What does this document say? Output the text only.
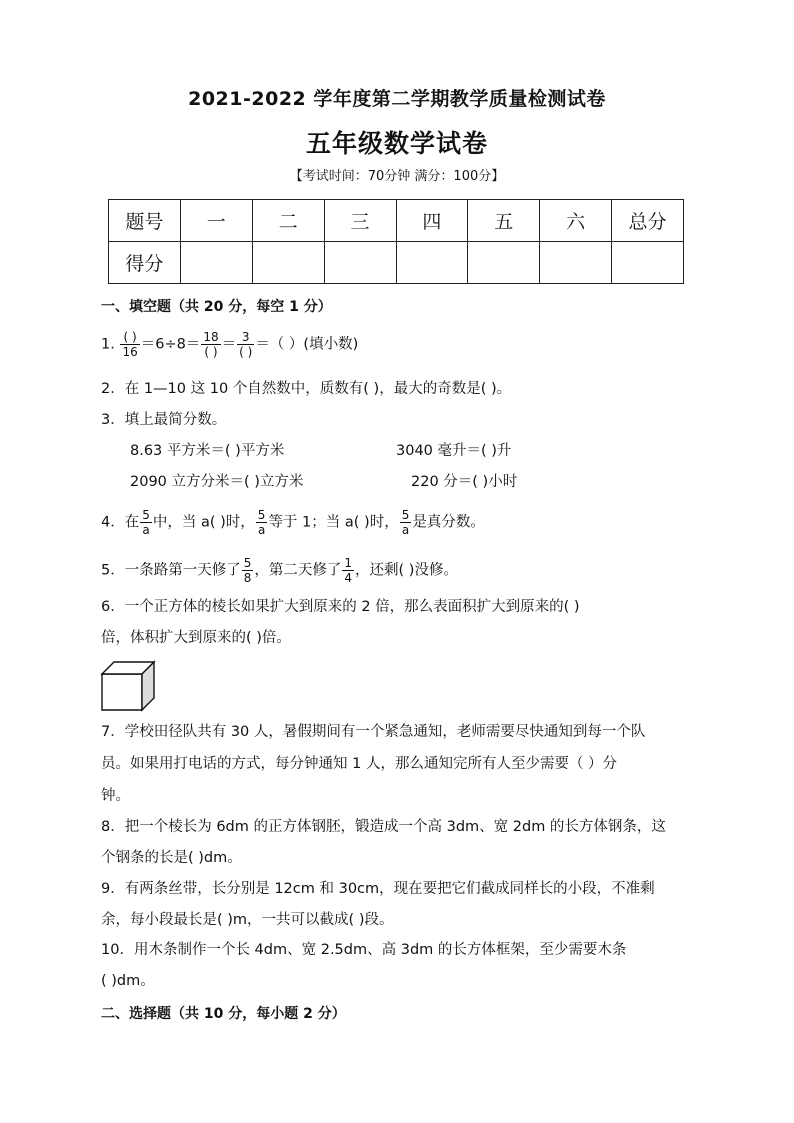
2021-2022 学年度第二学期教学质量检测试卷
五年级数学试卷
【考试时间：70分钟 满分：100分】
题号	一	二	三	四	五	六	总分
得分							
一、填空题（共 20 分，每空 1 分）
1. $\frac{( )}{16} =6\div 8= \frac{18}{( )} = \frac{3}{( )}$ ＝（ ）(填小数)
2．在 1—10 这 10 个自然数中，质数有( )，最大的奇数是( )。
3．填上最简分数。
8.63 平方米＝( )平方米	3040 毫升＝( )升
2090 立方分米＝( )立方米	220 分＝( )小时
4．在 $\frac{5}{a}$ 中，当 a( )时， $\frac{5}{a}$ 等于 1；当 a( )时， $\frac{5}{a}$ 是真分数。
5．一条路第一天修了 $\frac{5}{8}$ ，第二天修了 $\frac{1}{4}$ ，还剩( )没修。
6．一个正方体的棱长如果扩大到原来的 2 倍，那么表面积扩大到原来的( )
倍，体积扩大到原来的( )倍。
7．学校田径队共有 30 人，暑假期间有一个紧急通知，老师需要尽快通知到每一个队
员。如果用打电话的方式，每分钟通知 1 人，那么通知完所有人至少需要（ ）分
钟。
8．把一个棱长为 6dm 的正方体钢胚，锻造成一个高 3dm、宽 2dm 的长方体钢条，这
个钢条的长是( )dm。
9．有两条丝带，长分别是 12cm 和 30cm，现在要把它们截成同样长的小段，不准剩
余，每小段最长是( )m，一共可以截成( )段。
10．用木条制作一个长 4dm、宽 2.5dm、高 3dm 的长方体框架，至少需要木条
( )dm。
二、选择题（共 10 分，每小题 2 分）
